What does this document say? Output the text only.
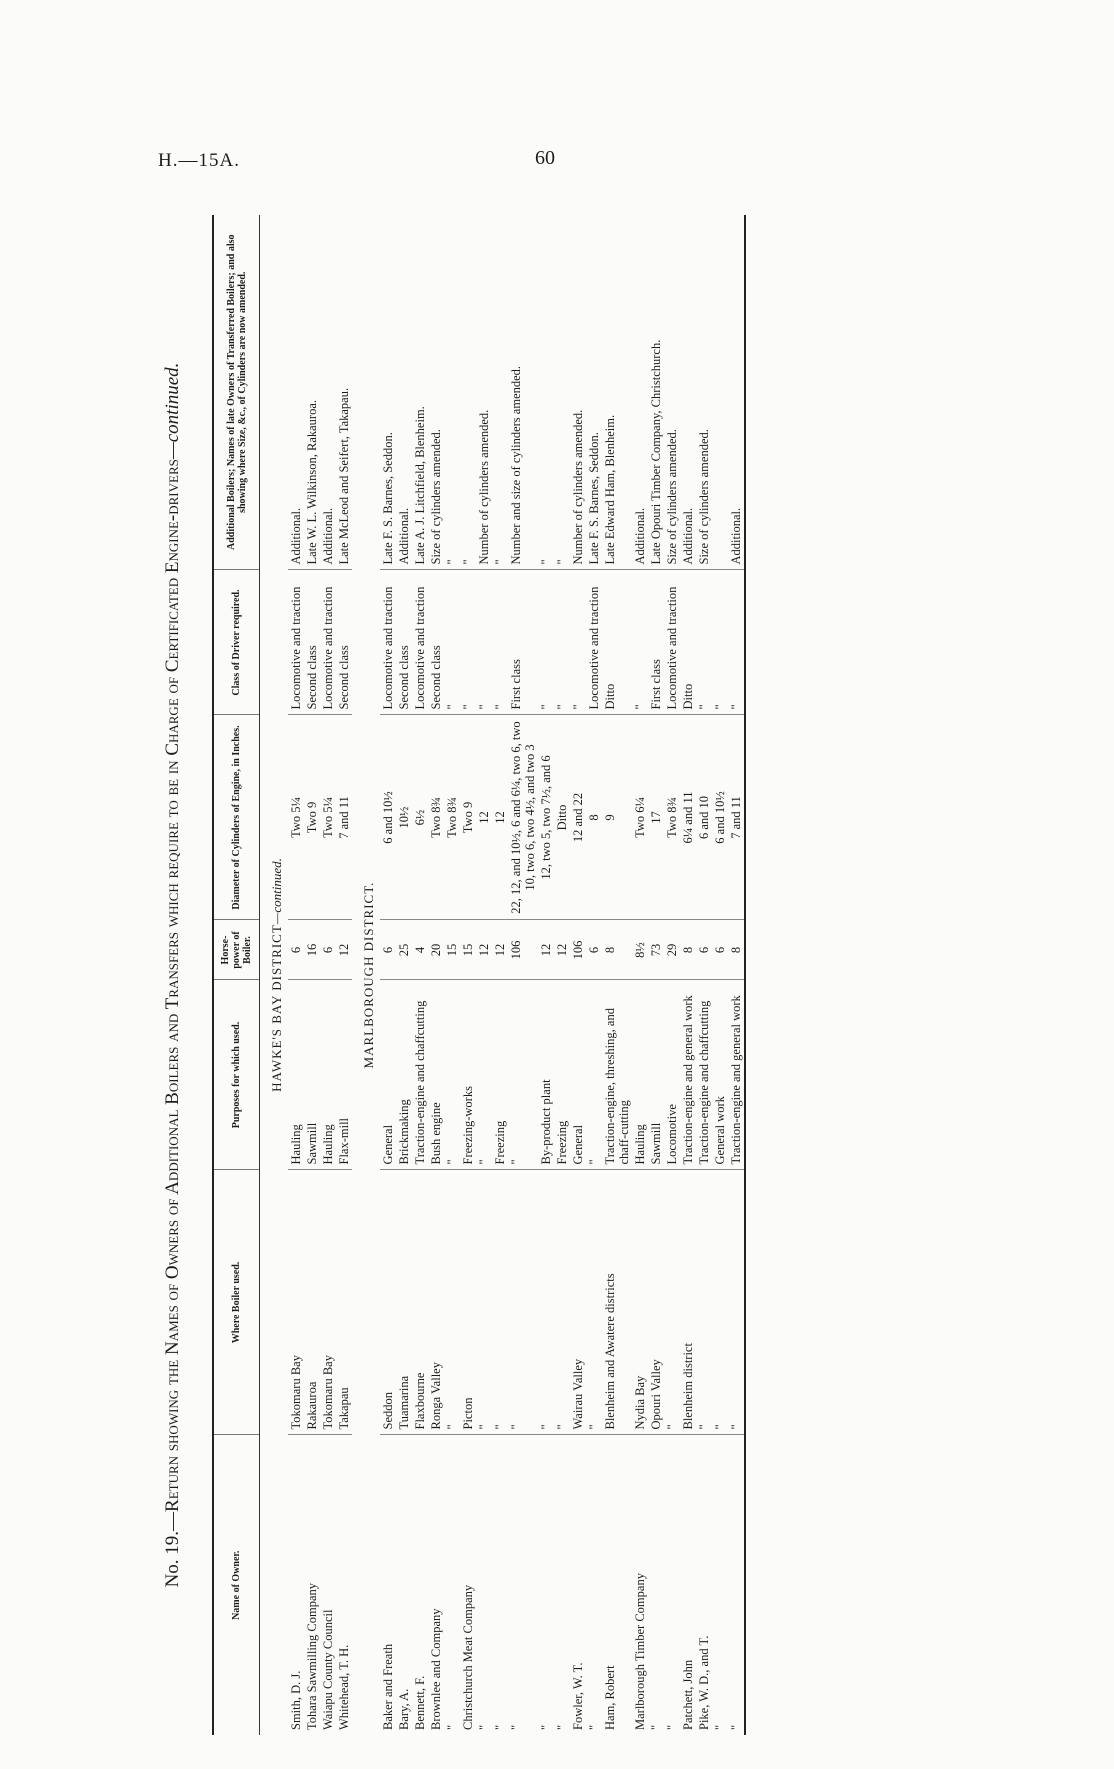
H.—15A.	60
No. 19.—Return showing the Names of Owners of Additional Boilers and Transfers which require to be in Charge of Certificated Engine-drivers—continued.
Name of Owner.	Where Boiler used.	Purposes for which used.	Horse-power of Boiler.	Diameter of Cylinders of Engine, in Inches.	Class of Driver required.	Additional Boilers; Names of late Owners of Transferred Boilers; and also showing where Size, &c., of Cylinders are now amended.
HAWKE'S BAY DISTRICT—continued.						
Smith, D. J.	Tokomaru Bay	Hauling	6	Two 5¼	Locomotive and traction	Additional.
Tohara Sawmilling Company	Rakauroa	Sawmill	16	Two 9	Second class	Late W. L. Wilkinson, Rakauroa.
Waiapu County Council	Tokomaru Bay	Hauling	6	Two 5¼	Locomotive and traction	Additional.
Whitehead, T. H.	Takapau	Flax-mill	12	7 and 11	Second class	Late McLeod and Seifert, Takapau.
MARLBOROUGH DISTRICT.						
Baker and Freath	Seddon	General	6	6 and 10½	Locomotive and traction	Late F. S. Barnes, Seddon.
Bary, A.	Tuamarina	Brickmaking	25	10½	Second class	Additional.
Bennett, F.	Flaxbourne	Traction-engine and chaffcutting	4	6½	Locomotive and traction	Late A. J. Litchfield, Blenheim.
Brownlee and Company	Ronga Valley	Bush engine	20	Two 8¾	Second class	Size of cylinders amended.
"	"	"	15	Two 8¾	"	"
Christchurch Meat Company	Picton	Freezing-works	15	Two 9	"	"
"	"	"	12	12	"	Number of cylinders amended.
"	"	Freezing	12	12	"	"
"	"	"	106	22, 12, and 10½, 6 and 6¼, two 6, two 10, two 6, two 4½, and two 3	First class	Number and size of cylinders amended.
"	"	By-product plant	12	12, two 5, two 7½, and 6	"	"
"	"	Freezing	12	Ditto	"	"
Fowler, W. T.	Wairau Valley	General	106	12 and 22	"	Number of cylinders amended.
"	"	"	6	8	Locomotive and traction	Late F. S. Barnes, Seddon.
Ham, Robert	Blenheim and Awatere districts	Traction-engine, threshing, and chaff-cutting	8	9	Ditto	Late Edward Ham, Blenheim.
Marlborough Timber Company	Nydia Bay	Hauling	8½	Two 6¼	"	Additional.
"	Opouri Valley	Sawmill	73	17	First class	Late Opouri Timber Company, Christchurch.
"	"	Locomotive	29	Two 8¾	Locomotive and traction	Size of cylinders amended.
Patchett, John	Blenheim district	Traction-engine and general work	8	6¼ and 11	Ditto	Additional.
Pike, W. D., and T.	"	Traction-engine and chaffcutting	6	6 and 10	"	Size of cylinders amended.
"	"	General work	6	6 and 10½	"	
"	"	Traction-engine and general work	8	7 and 11	"	Additional.
